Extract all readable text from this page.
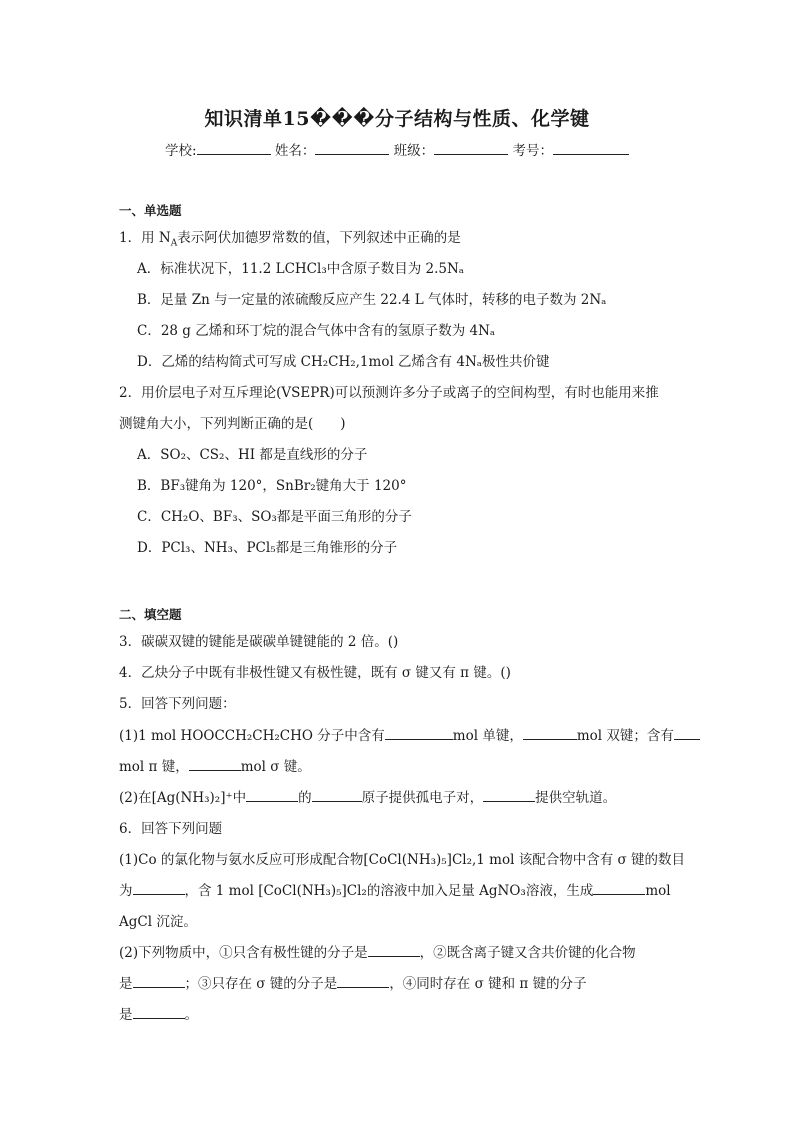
知识清单15���分子结构与性质、化学键
学校:	姓名：	班级：	考号：
一、单选题
1．用 $N_A$表示阿伏加德罗常数的值，下列叙述中正确的是
A．标准状况下，11.2 LCHCl₃中含原子数目为 2.5Nₐ
B．足量 Zn 与一定量的浓硫酸反应产生 22.4 L 气体时，转移的电子数为 2Nₐ
C．28 g 乙烯和环丁烷的混合气体中含有的氢原子数为 4Nₐ
D．乙烯的结构简式可写成 CH₂CH₂,1mol 乙烯含有 4Nₐ极性共价键
2．用价层电子对互斥理论(VSEPR)可以预测许多分子或离子的空间构型，有时也能用来推
测键角大小，下列判断正确的是(　　)
A．SO₂、CS₂、HI 都是直线形的分子
B．BF₃键角为 120°，SnBr₂键角大于 120°
C．CH₂O、BF₃、SO₃都是平面三角形的分子
D．PCl₃、NH₃、PCl₅都是三角锥形的分子
二、填空题
3．碳碳双键的键能是碳碳单键键能的 2 倍。()
4．乙炔分子中既有非极性键又有极性键，既有 σ 键又有 π 键。()
5．回答下列问题：
(1)1 mol HOOCCH₂CH₂CHO 分子中含有	mol 单键，	mol 双键；含有
mol π 键，	mol σ 键。
(2)在[Ag(NH₃)₂]⁺中	的	原子提供孤电子对，	提供空轨道。
6．回答下列问题
(1)Co 的氯化物与氨水反应可形成配合物[CoCl(NH₃)₅]Cl₂,1 mol 该配合物中含有 σ 键的数目
为	，含 1 mol [CoCl(NH₃)₅]Cl₂的溶液中加入足量 AgNO₃溶液，生成	mol
AgCl 沉淀。
(2)下列物质中，①只含有极性键的分子是	，②既含离子键又含共价键的化合物
是	；③只存在 σ 键的分子是	，④同时存在 σ 键和 π 键的分子
是	。
